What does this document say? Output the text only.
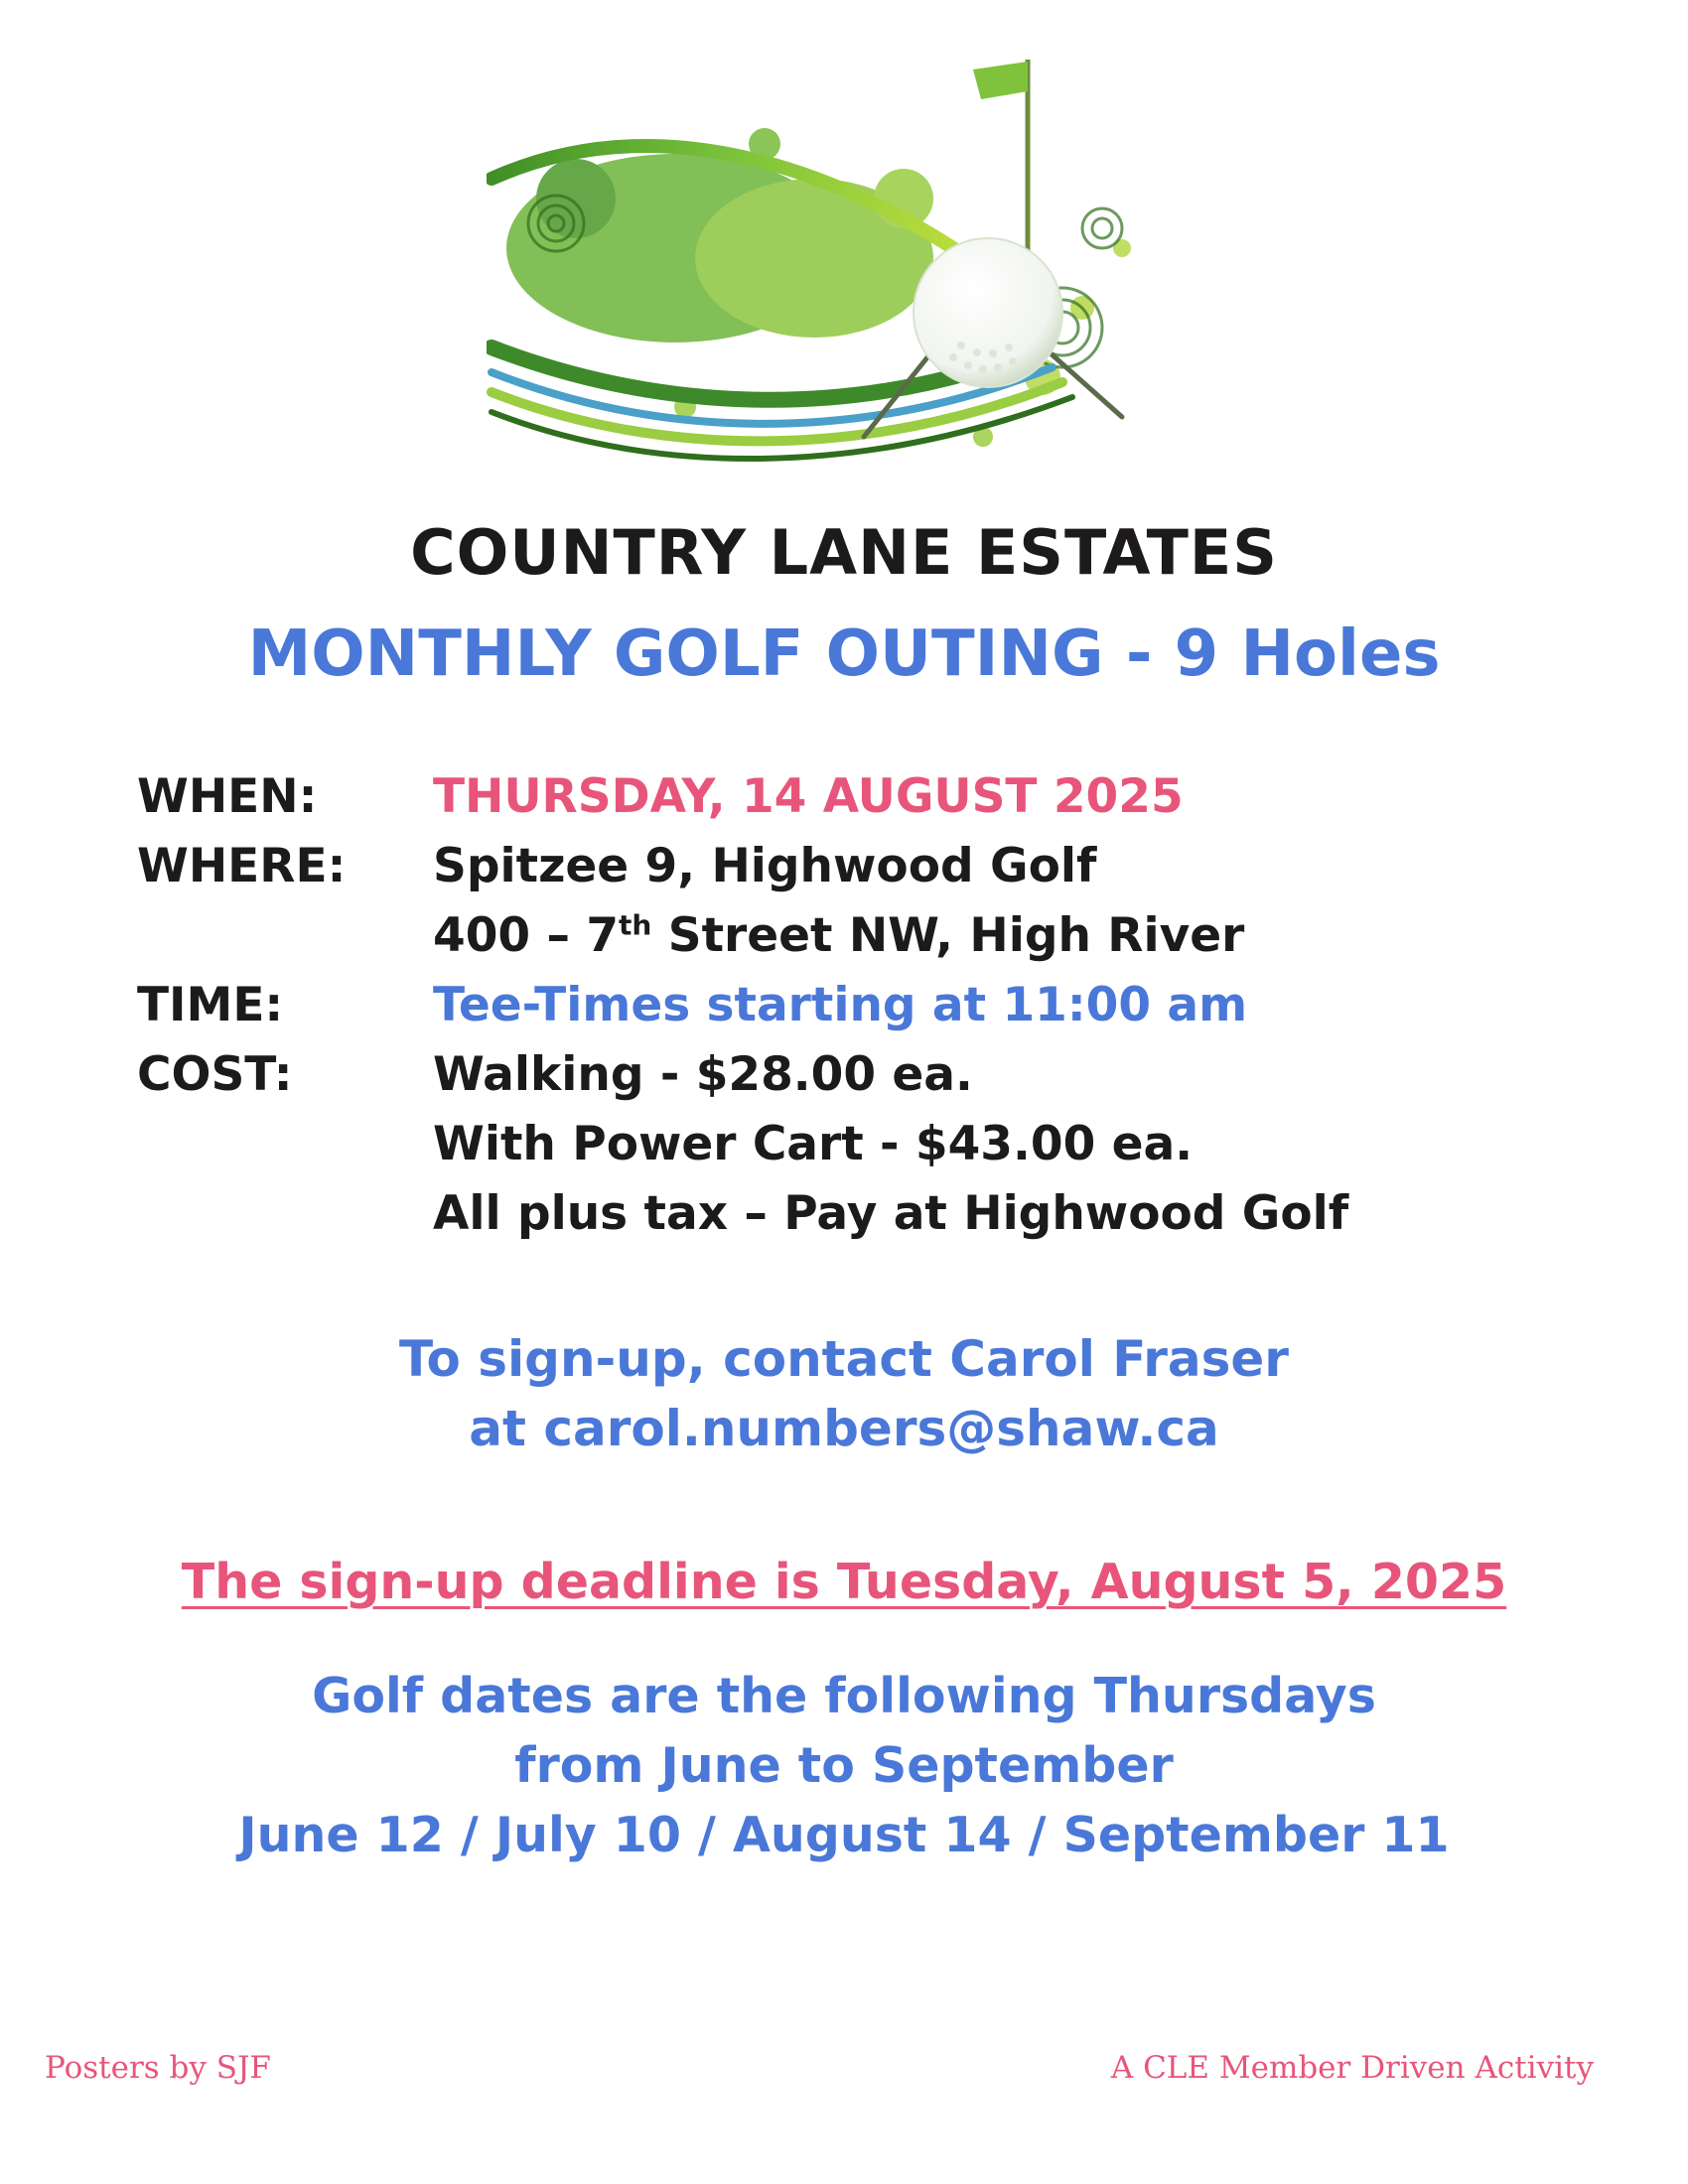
COUNTRY LANE ESTATES
MONTHLY GOLF OUTING - 9 Holes
WHEN: THURSDAY, 14 AUGUST 2025
WHERE: Spitzee 9, Highwood Golf
400 – 7th Street NW, High River
TIME:	Tee-Times starting at 11:00 am
COST:	Walking - $28.00 ea.
With Power Cart - $43.00 ea.
All plus tax – Pay at Highwood Golf
To sign-up, contact Carol Fraser
at carol.numbers@shaw.ca
The sign-up deadline is Tuesday, August 5, 2025
Golf dates are the following Thursdays
from June to September
June 12 / July 10 / August 14 / September 11
Posters by SJF	A CLE Member Driven Activity
